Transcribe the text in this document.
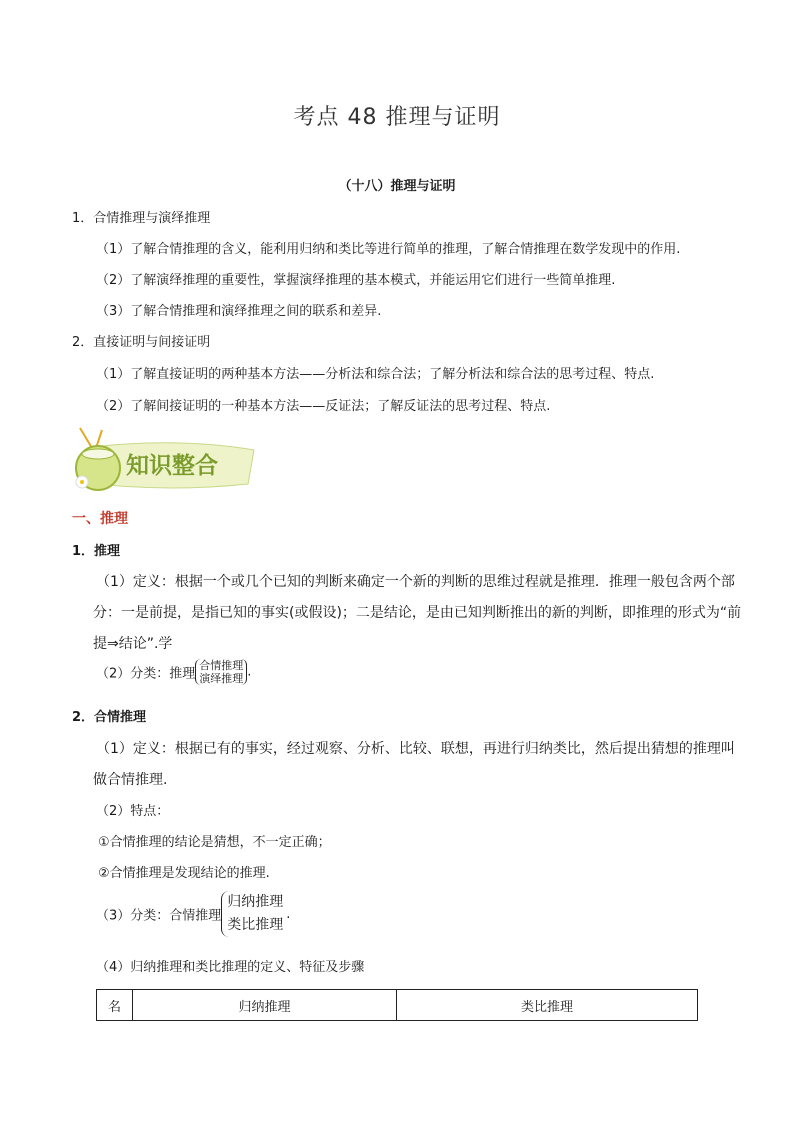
考点 48 推理与证明
（十八）推理与证明
1．合情推理与演绎推理
（1）了解合情推理的含义，能利用归纳和类比等进行简单的推理，了解合情推理在数学发现中的作用.
（2）了解演绎推理的重要性，掌握演绎推理的基本模式，并能运用它们进行一些简单推理.
（3）了解合情推理和演绎推理之间的联系和差异.
2．直接证明与间接证明
（1）了解直接证明的两种基本方法——分析法和综合法；了解分析法和综合法的思考过程、特点.
（2）了解间接证明的一种基本方法——反证法；了解反证法的思考过程、特点.
知识整合
一、推理
1．推理
（1）定义：根据一个或几个已知的判断来确定一个新的判断的思维过程就是推理．推理一般包含两个部
分：一是前提，是指已知的事实(或假设)；二是结论，是由已知判断推出的新的判断，即推理的形式为“前
提⇒结论”.学
（2）分类：推理
合情推理
演绎推理 .
2．合情推理
（1）定义：根据已有的事实，经过观察、分析、比较、联想，再进行归纳类比，然后提出猜想的推理叫
做合情推理.
（2）特点：
①合情推理的结论是猜想，不一定正确；
②合情推理是发现结论的推理.
（3）分类：合情推理
归纳推理
类比推理
.
（4）归纳推理和类比推理的定义、特征及步骤
名	归纳推理	类比推理
